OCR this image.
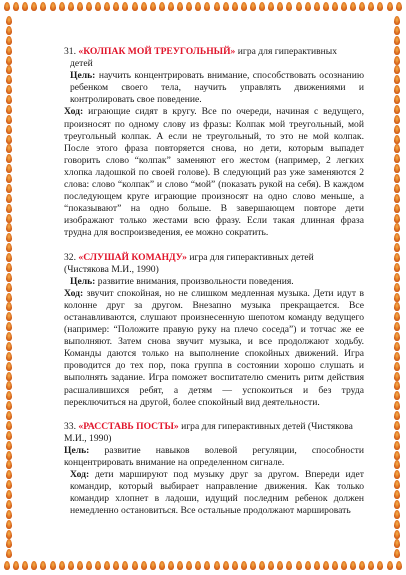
31. «КОЛПАК МОЙ ТРЕУГОЛЬНЫЙ» игра для гиперактивных
детей

Цель: научить концентрировать внимание, способствовать осознанию ребенком своего тела, научить управлять движениями и контролировать свое поведение.

Ход: играющие сидят в кругу. Все по очереди, начиная с ведущего, произносят по одному слову из фразы: Колпак мой треугольный, мой треугольный колпак. А если не треугольный, то это не мой колпак. После этого фраза повторяется снова, но дети, которым выпадет говорить слово “колпак” заменяют его жестом (например, 2 легких хлопка ладошкой по своей голове). В следующий раз уже заменяются 2 слова: слово “колпак” и слово “мой” (показать рукой на себя). В каждом последующем круге играющие произносят на одно слово меньше, а “показывают” на одно больше. В завершающем повторе дети изображают только жестами всю фразу. Если такая длинная фраза трудна для воспроизведения, ее можно сократить.

32. «СЛУШАЙ КОМАНДУ» игра для гиперактивных детей
(Чистякова М.И., 1990)

Цель: развитие внимания, произвольности поведения.

Ход: звучит спокойная, но не слишком медленная музыка. Дети идут в колонне друг за другом. Внезапно музыка прекращается. Все останавливаются, слушают произнесенную шепотом команду ведущего (например: “Положите правую руку на плечо соседа”) и тотчас же ее выполняют. Затем снова звучит музыка, и все продолжают ходьбу. Команды даются только на выполнение спокойных движений. Игра проводится до тех пор, пока группа в состоянии хорошо слушать и выполнять задание. Игра поможет воспитателю сменить ритм действия расшалившихся ребят, а детям — успокоиться и без труда переключиться на другой, более спокойный вид деятельности.

33. «РАССТАВЬ ПОСТЫ» игра для гиперактивных детей (Чистякова
М.И., 1990)

Цель: развитие навыков волевой регуляции, способности концентрировать внимание на определенном сигнале.

Ход: дети маршируют под музыку друг за другом. Впереди идет командир, который выбирает направление движения. Как только командир хлопнет в ладоши, идущий последним ребенок должен немедленно остановиться. Все остальные продолжают маршировать
